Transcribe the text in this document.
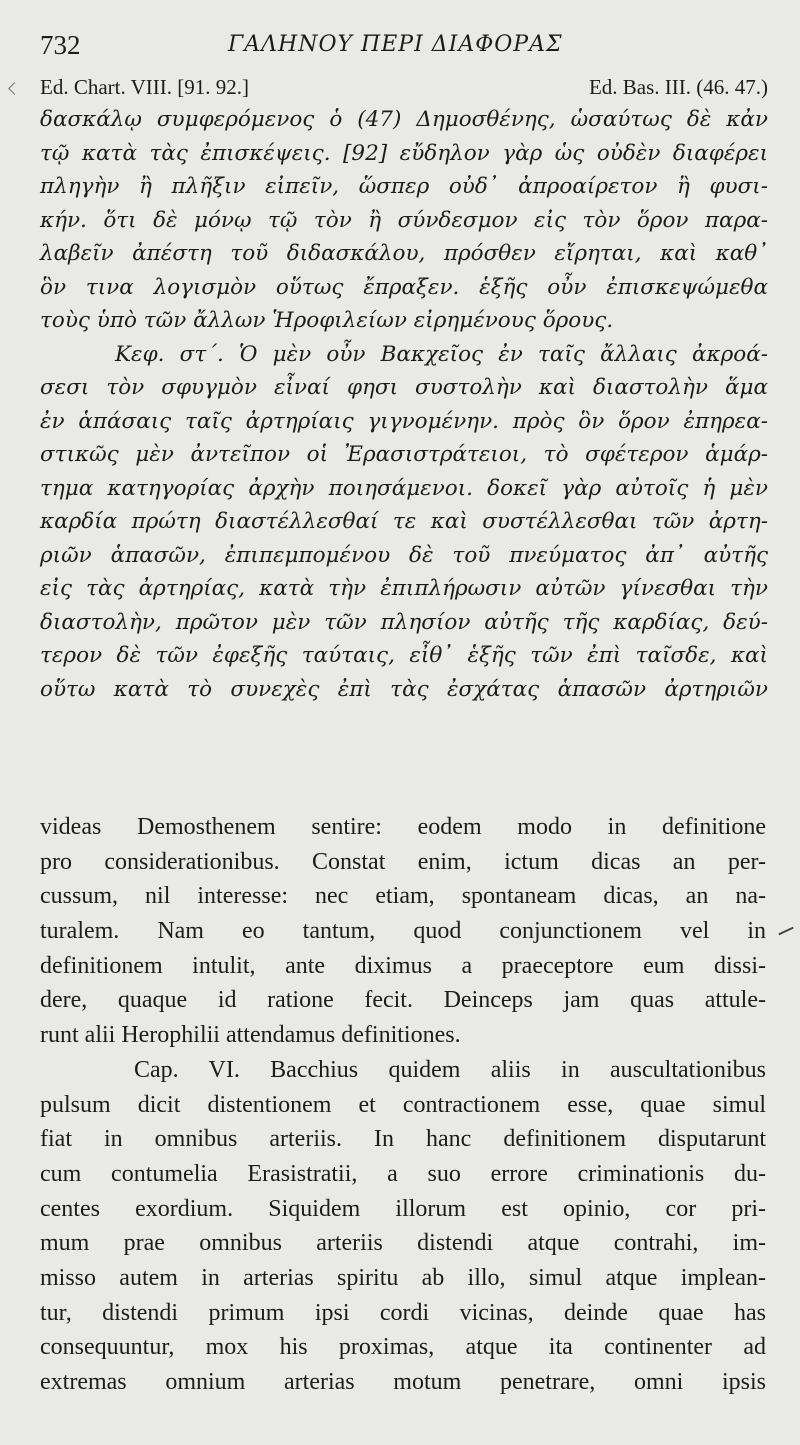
732	ΓΑΛΗΝΟΥ ΠΕΡΙ ΔΙΑΦΟΡΑΣ
Ed. Chart. VIII. [91. 92.]	Ed. Bas. III. (46. 47.)
δασκάλῳ συμφερόμενος ὁ (47) Δημοσθένης, ὡσαύτως δὲ κἀν
τῷ κατὰ τὰς ἐπισκέψεις. [92] εὔδηλον γὰρ ὡς οὐδὲν διαφέρει
πληγὴν ἢ πλῆξιν εἰπεῖν, ὥσπερ οὐδ᾽ ἀπροαίρετον ἢ φυσι-
κήν. ὅτι δὲ μόνῳ τῷ τὸν ἢ σύνδεσμον εἰς τὸν ὅρον παρα-
λαβεῖν ἀπέστη τοῦ διδασκάλου, πρόσθεν εἴρηται, καὶ καθ᾽
ὃν τινα λογισμὸν οὕτως ἔπραξεν. ἑξῆς οὖν ἐπισκεψώμεθα
τοὺς ὑπὸ τῶν ἄλλων Ἡροφιλείων εἰρημένους ὅρους.
Κεφ. στ΄. Ὁ μὲν οὖν Βακχεῖος ἐν ταῖς ἄλλαις ἀκροά-
σεσι τὸν σφυγμὸν εἶναί φησι συστολὴν καὶ διαστολὴν ἅμα
ἐν ἁπάσαις ταῖς ἀρτηρίαις γιγνομένην. πρὸς ὃν ὅρον ἐπηρεα-
στικῶς μὲν ἀντεῖπον οἱ Ἐρασιστράτειοι, τὸ σφέτερον ἁμάρ-
τημα κατηγορίας ἀρχὴν ποιησάμενοι. δοκεῖ γὰρ αὐτοῖς ἡ μὲν
καρδία πρώτη διαστέλλεσθαί τε καὶ συστέλλεσθαι τῶν ἀρτη-
ριῶν ἁπασῶν, ἐπιπεμπομένου δὲ τοῦ πνεύματος ἀπ᾽ αὐτῆς
εἰς τὰς ἀρτηρίας, κατὰ τὴν ἐπιπλήρωσιν αὐτῶν γίνεσθαι τὴν
διαστολὴν, πρῶτον μὲν τῶν πλησίον αὐτῆς τῆς καρδίας, δεύ-
τερον δὲ τῶν ἐφεξῆς ταύταις, εἶθ᾽ ἑξῆς τῶν ἐπὶ ταῖσδε, καὶ
οὕτω κατὰ τὸ συνεχὲς ἐπὶ τὰς ἐσχάτας ἁπασῶν ἀρτηριῶν
videas Demosthenem sentire: eodem modo in definitione
pro considerationibus. Constat enim, ictum dicas an per-
cussum, nil interesse: nec etiam, spontaneam dicas, an na-
turalem. Nam eo tantum, quod conjunctionem vel in
definitionem intulit, ante diximus a praeceptore eum dissi-
dere, quaque id ratione fecit. Deinceps jam quas attule-
runt alii Herophilii attendamus definitiones.
Cap. VI. Bacchius quidem aliis in auscultationibus
pulsum dicit distentionem et contractionem esse, quae simul
fiat in omnibus arteriis. In hanc definitionem disputarunt
cum contumelia Erasistratii, a suo errore criminationis du-
centes exordium. Siquidem illorum est opinio, cor pri-
mum prae omnibus arteriis distendi atque contrahi, im-
misso autem in arterias spiritu ab illo, simul atque implean-
tur, distendi primum ipsi cordi vicinas, deinde quae has
consequuntur, mox his proximas, atque ita continenter ad
extremas omnium arterias motum penetrare, omni ipsis
